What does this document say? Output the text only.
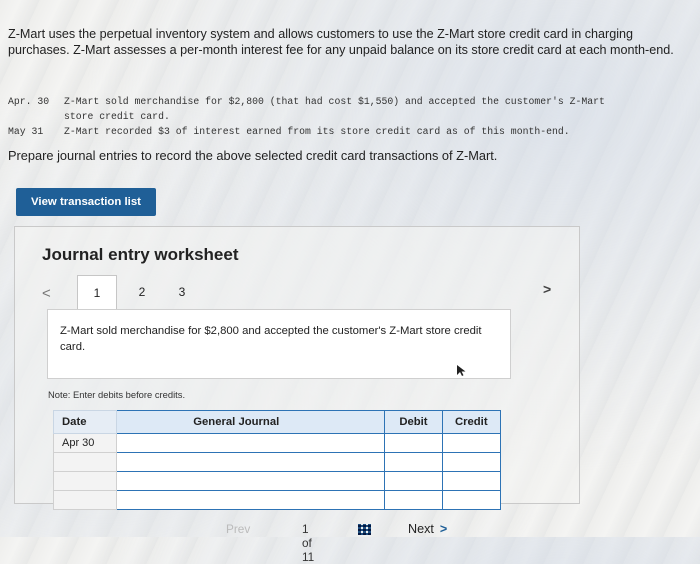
Z-Mart uses the perpetual inventory system and allows customers to use the Z-Mart store credit card in charging purchases. Z-Mart assesses a per-month interest fee for any unpaid balance on its store credit card at each month-end.
Apr. 30	Z-Mart sold merchandise for $2,800 (that had cost $1,550) and accepted the customer's Z-Mart
store credit card.
May 31	Z-Mart recorded $3 of interest earned from its store credit card as of this month-end.
Prepare journal entries to record the above selected credit card transactions of Z-Mart.
View transaction list
Journal entry worksheet
<	1	2	3	>
Z-Mart sold merchandise for $2,800 and accepted the customer's Z-Mart store credit card.
Note: Enter debits before credits.
Date	General Journal	Debit	Credit
Apr 30			

Prev	1 of 11
Next >
